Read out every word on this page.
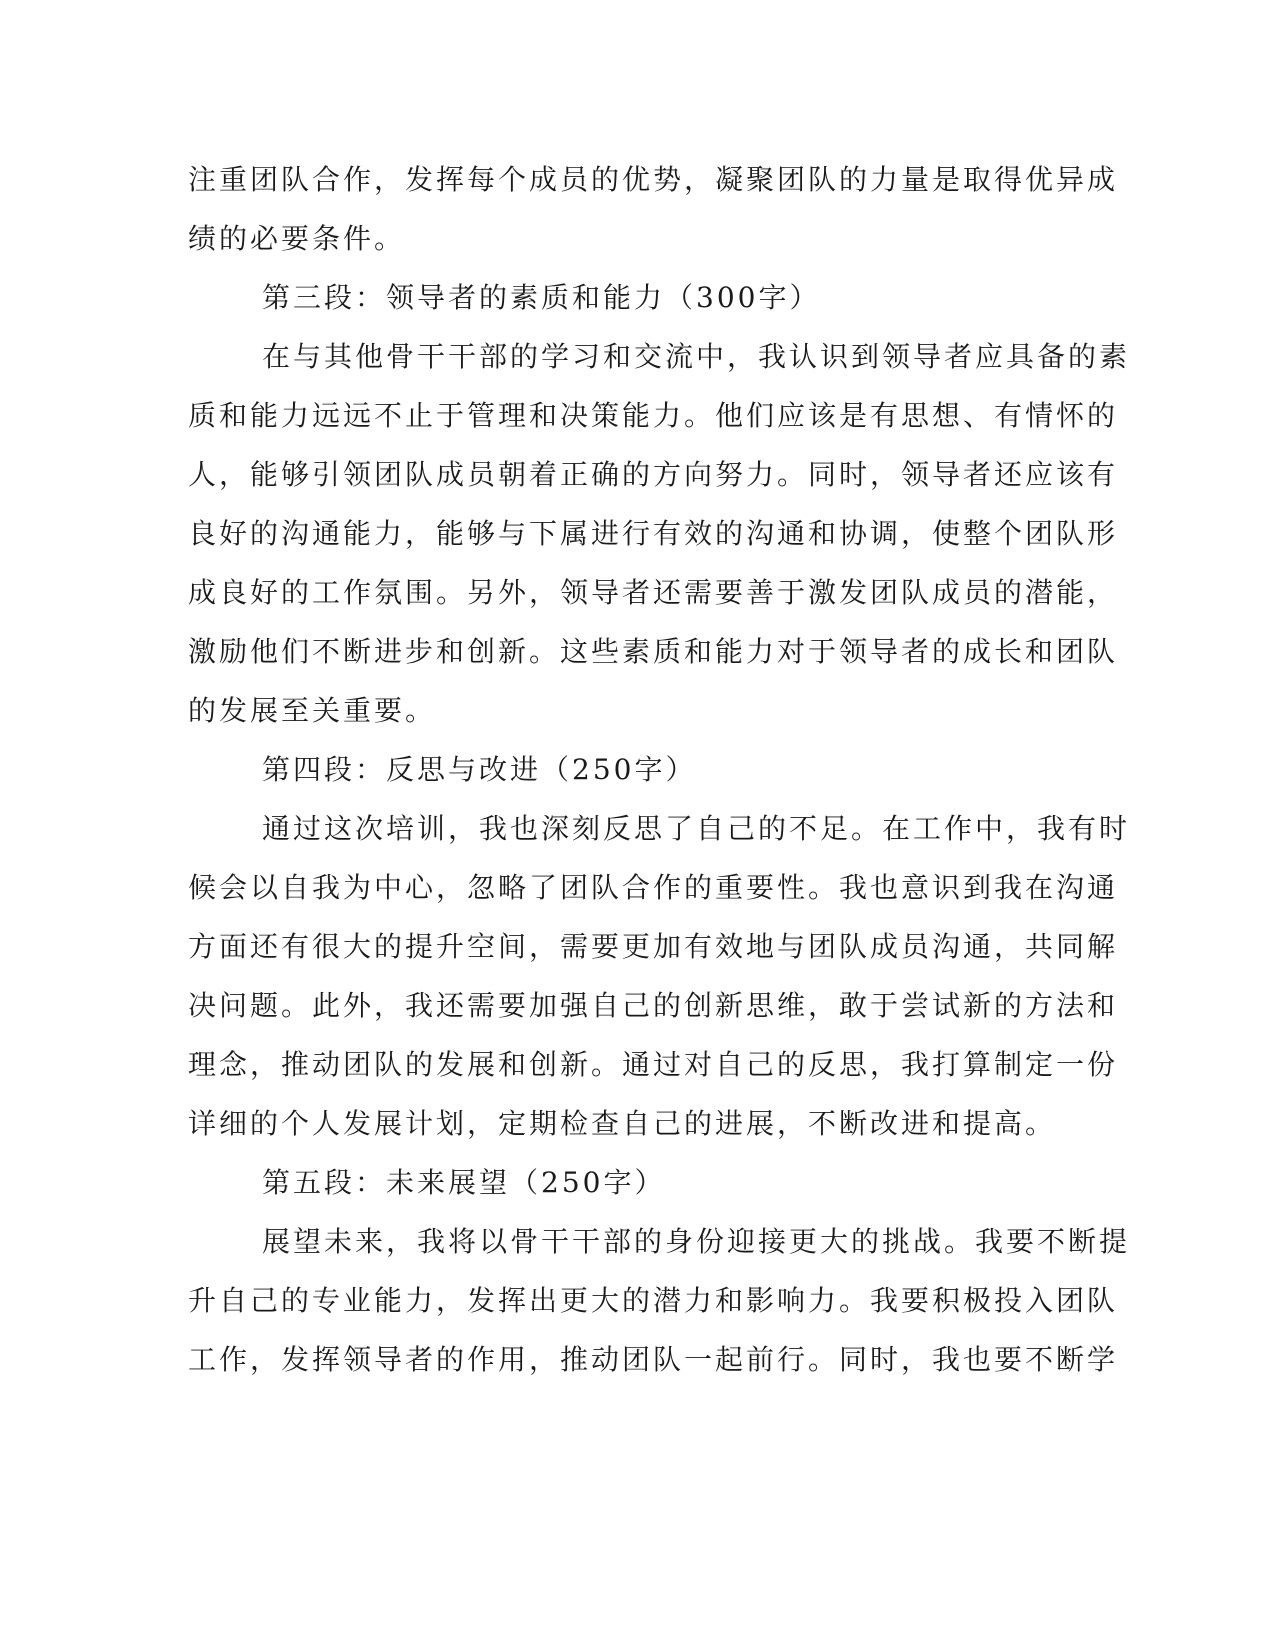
注重团队合作，发挥每个成员的优势，凝聚团队的力量是取得优异成
绩的必要条件。
第三段：领导者的素质和能力（300字）
在与其他骨干干部的学习和交流中，我认识到领导者应具备的素
质和能力远远不止于管理和决策能力。他们应该是有思想、有情怀的
人，能够引领团队成员朝着正确的方向努力。同时，领导者还应该有
良好的沟通能力，能够与下属进行有效的沟通和协调，使整个团队形
成良好的工作氛围。另外，领导者还需要善于激发团队成员的潜能，
激励他们不断进步和创新。这些素质和能力对于领导者的成长和团队
的发展至关重要。
第四段：反思与改进（250字）
通过这次培训，我也深刻反思了自己的不足。在工作中，我有时
候会以自我为中心，忽略了团队合作的重要性。我也意识到我在沟通
方面还有很大的提升空间，需要更加有效地与团队成员沟通，共同解
决问题。此外，我还需要加强自己的创新思维，敢于尝试新的方法和
理念，推动团队的发展和创新。通过对自己的反思，我打算制定一份
详细的个人发展计划，定期检查自己的进展，不断改进和提高。
第五段：未来展望（250字）
展望未来，我将以骨干干部的身份迎接更大的挑战。我要不断提
升自己的专业能力，发挥出更大的潜力和影响力。我要积极投入团队
工作，发挥领导者的作用，推动团队一起前行。同时，我也要不断学
